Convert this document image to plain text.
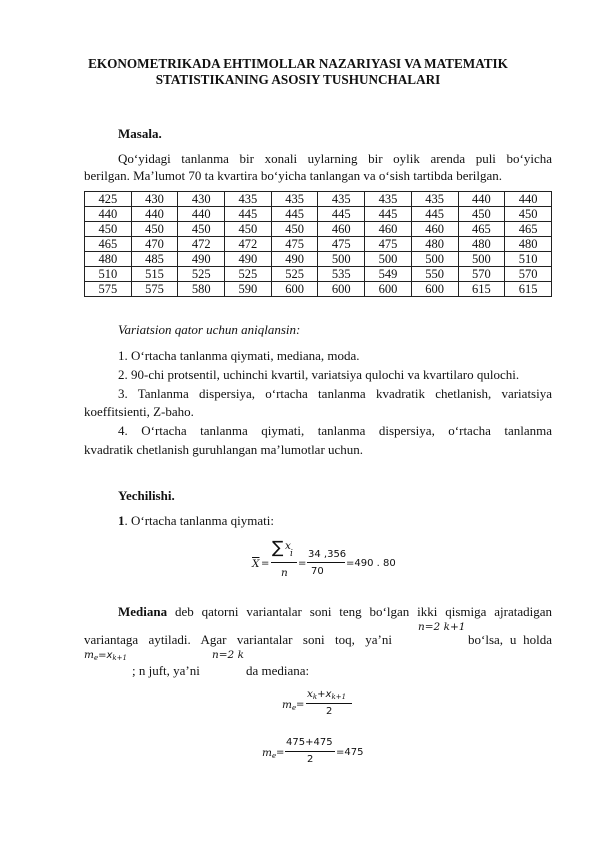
EKONOMETRIKADA EHTIMOLLAR NAZARIYASI VA MATEMATIK
STATISTIKANING ASOSIY TUSHUNCHALARI
Masala.
Qo‘yidagi tanlanma bir xonali uylarning bir oylik arenda puli bo‘yicha
berilgan. Ma’lumot 70 ta kvartira bo‘yicha tanlangan va o‘sish tartibda berilgan.
425	430	430	435	435	435	435	435	440	440
440	440	440	445	445	445	445	445	450	450
450	450	450	450	450	460	460	460	465	465
465	470	472	472	475	475	475	480	480	480
480	485	490	490	490	500	500	500	500	510
510	515	525	525	525	535	549	550	570	570
575	575	580	590	600	600	600	600	615	615
Variatsion qator uchun aniqlansin:
1. O‘rtacha tanlanma qiymati, mediana, moda.
2. 90-chi protsentil, uchinchi kvartil, variatsiya qulochi va kvartilaro qulochi.
3. Tanlanma dispersiya, o‘rtacha tanlanma kvadratik chetlanish, variatsiya
koeffitsienti, Z-baho.
4. O‘rtacha tanlanma qiymati, tanlanma dispersiya, o‘rtacha tanlanma
kvadratik chetlanish guruhlangan ma’lumotlar uchun.
Yechilishi.
1. O‘rtacha tanlanma qiymati:
$\overline{X}$ =
∑ x
i
n
=
34 ,356
70
=490 . 80
Mediana deb qatorni variantalar soni teng bo‘lgan ikki qismiga ajratadigan
n=2 k+1
variantaga aytiladi. Agar variantalar soni toq, ya’ni	bo‘lsa, u holda
$m_e=x_{k+1}$
; n juft, ya’ni
n=2 k
da mediana:
$m_e$ =
$x_k+x_{k+1}$
2
$m_e$ =
475+475
2
=475
